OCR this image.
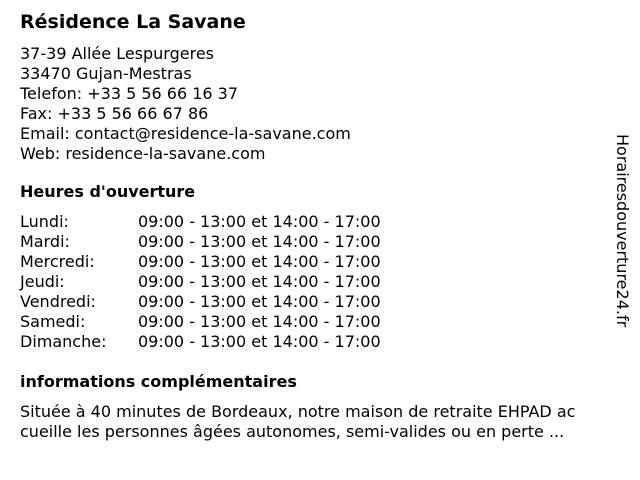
Résidence La Savane
37-39 Allée Lespurgeres
33470 Gujan-Mestras
Telefon: +33 5 56 66 16 37
Fax: +33 5 56 66 67 86
Email: contact@residence-la-savane.com
Web: residence-la-savane.com
Heures d'ouverture
Lundi:	09:00 - 13:00 et 14:00 - 17:00
Mardi:	09:00 - 13:00 et 14:00 - 17:00
Mercredi:	09:00 - 13:00 et 14:00 - 17:00
Jeudi:	09:00 - 13:00 et 14:00 - 17:00
Vendredi:	09:00 - 13:00 et 14:00 - 17:00
Samedi:	09:00 - 13:00 et 14:00 - 17:00
Dimanche:	09:00 - 13:00 et 14:00 - 17:00
informations complémentaires
Située à 40 minutes de Bordeaux, notre maison de retraite EHPAD ac
cueille les personnes âgées autonomes, semi-valides ou en perte ...
Horairesdouverture24.fr
